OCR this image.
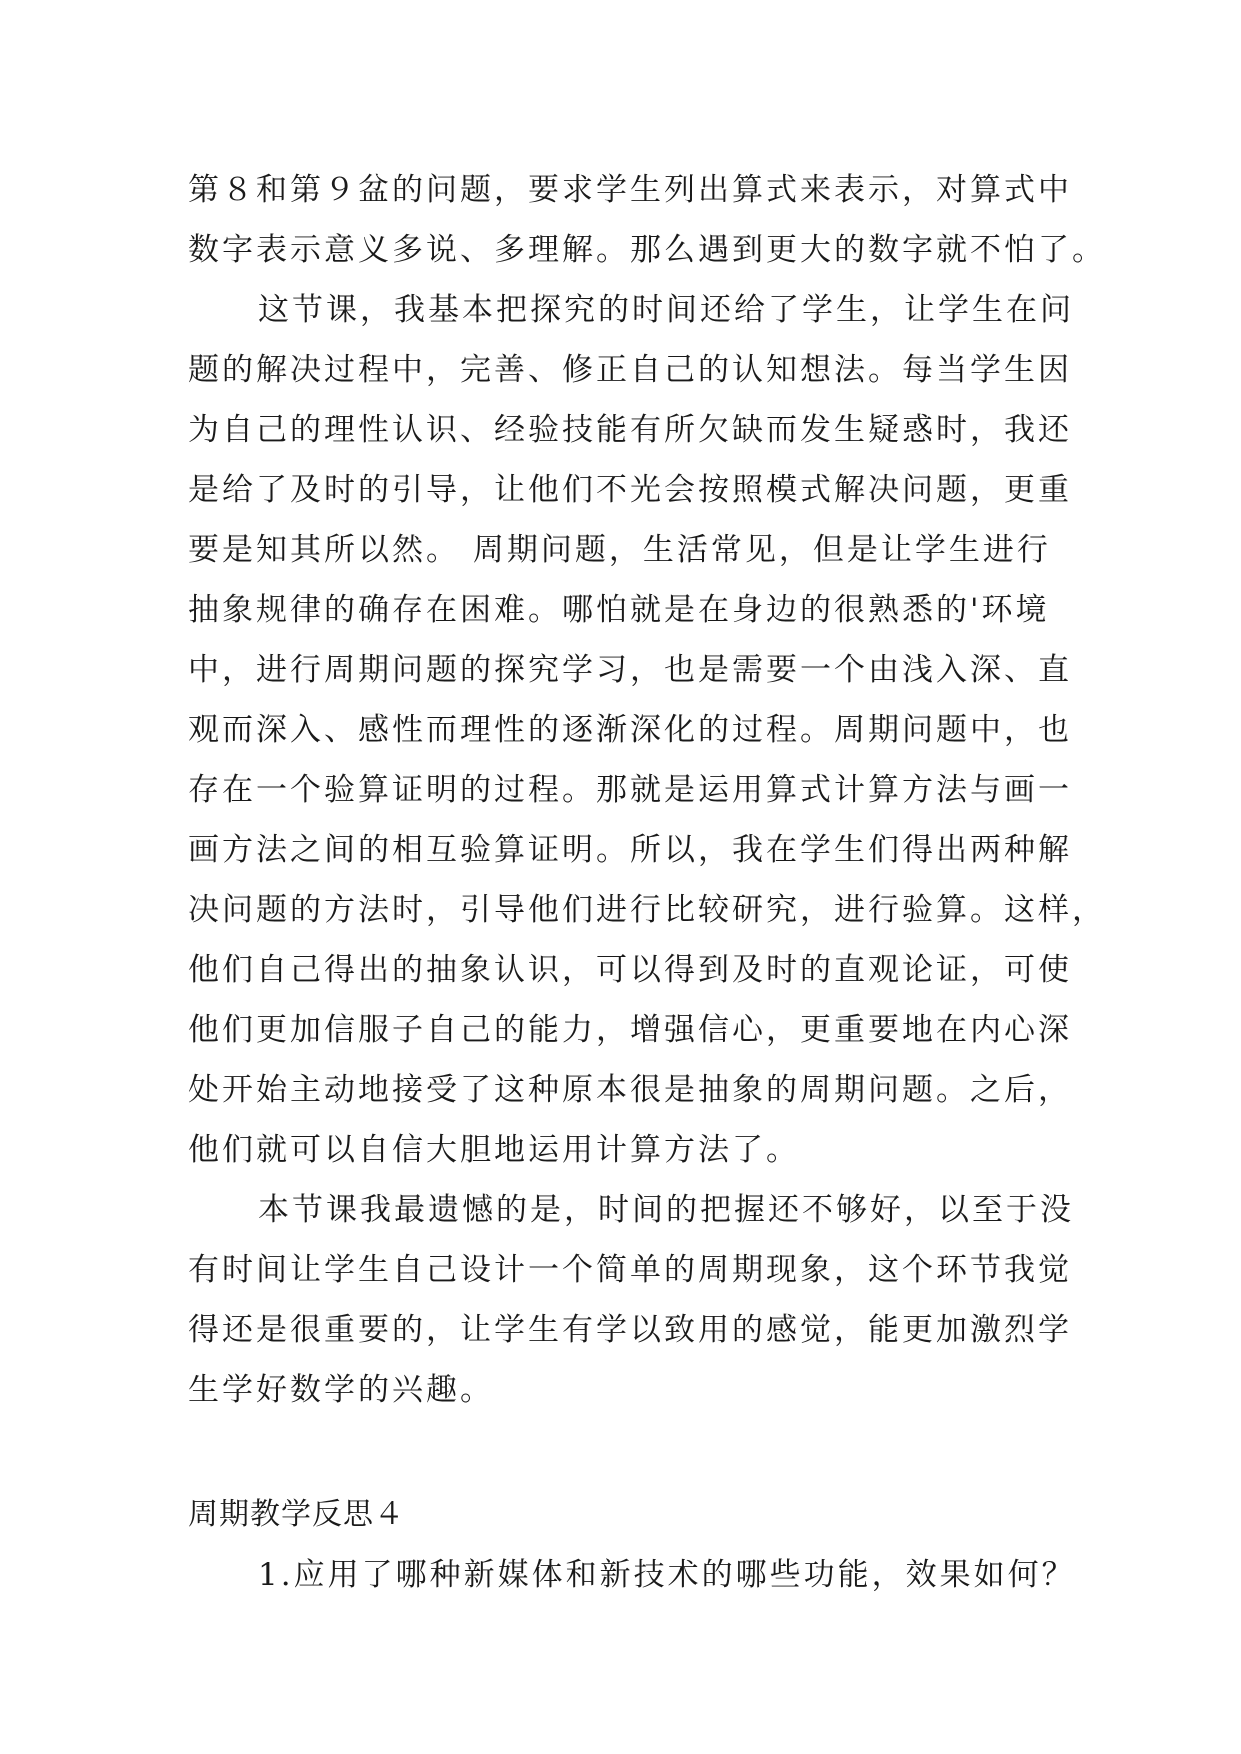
第８和第９盆的问题，要求学生列出算式来表示，对算式中
数字表示意义多说、多理解。那么遇到更大的数字就不怕了。
这节课，我基本把探究的时间还给了学生，让学生在问
题的解决过程中，完善、修正自己的认知想法。每当学生因
为自己的理性认识、经验技能有所欠缺而发生疑惑时，我还
是给了及时的引导，让他们不光会按照模式解决问题，更重
要是知其所以然。 周期问题，生活常见，但是让学生进行
抽象规律的确存在困难。哪怕就是在身边的很熟悉的'环境
中，进行周期问题的探究学习，也是需要一个由浅入深、直
观而深入、感性而理性的逐渐深化的过程。周期问题中，也
存在一个验算证明的过程。那就是运用算式计算方法与画一
画方法之间的相互验算证明。所以，我在学生们得出两种解
决问题的方法时，引导他们进行比较研究，进行验算。这样，
他们自己得出的抽象认识，可以得到及时的直观论证，可使
他们更加信服子自己的能力，增强信心，更重要地在内心深
处开始主动地接受了这种原本很是抽象的周期问题。之后，
他们就可以自信大胆地运用计算方法了。
本节课我最遗憾的是，时间的把握还不够好，以至于没
有时间让学生自己设计一个简单的周期现象，这个环节我觉
得还是很重要的，让学生有学以致用的感觉，能更加激烈学
生学好数学的兴趣。
周期教学反思４
1.应用了哪种新媒体和新技术的哪些功能，效果如何？
